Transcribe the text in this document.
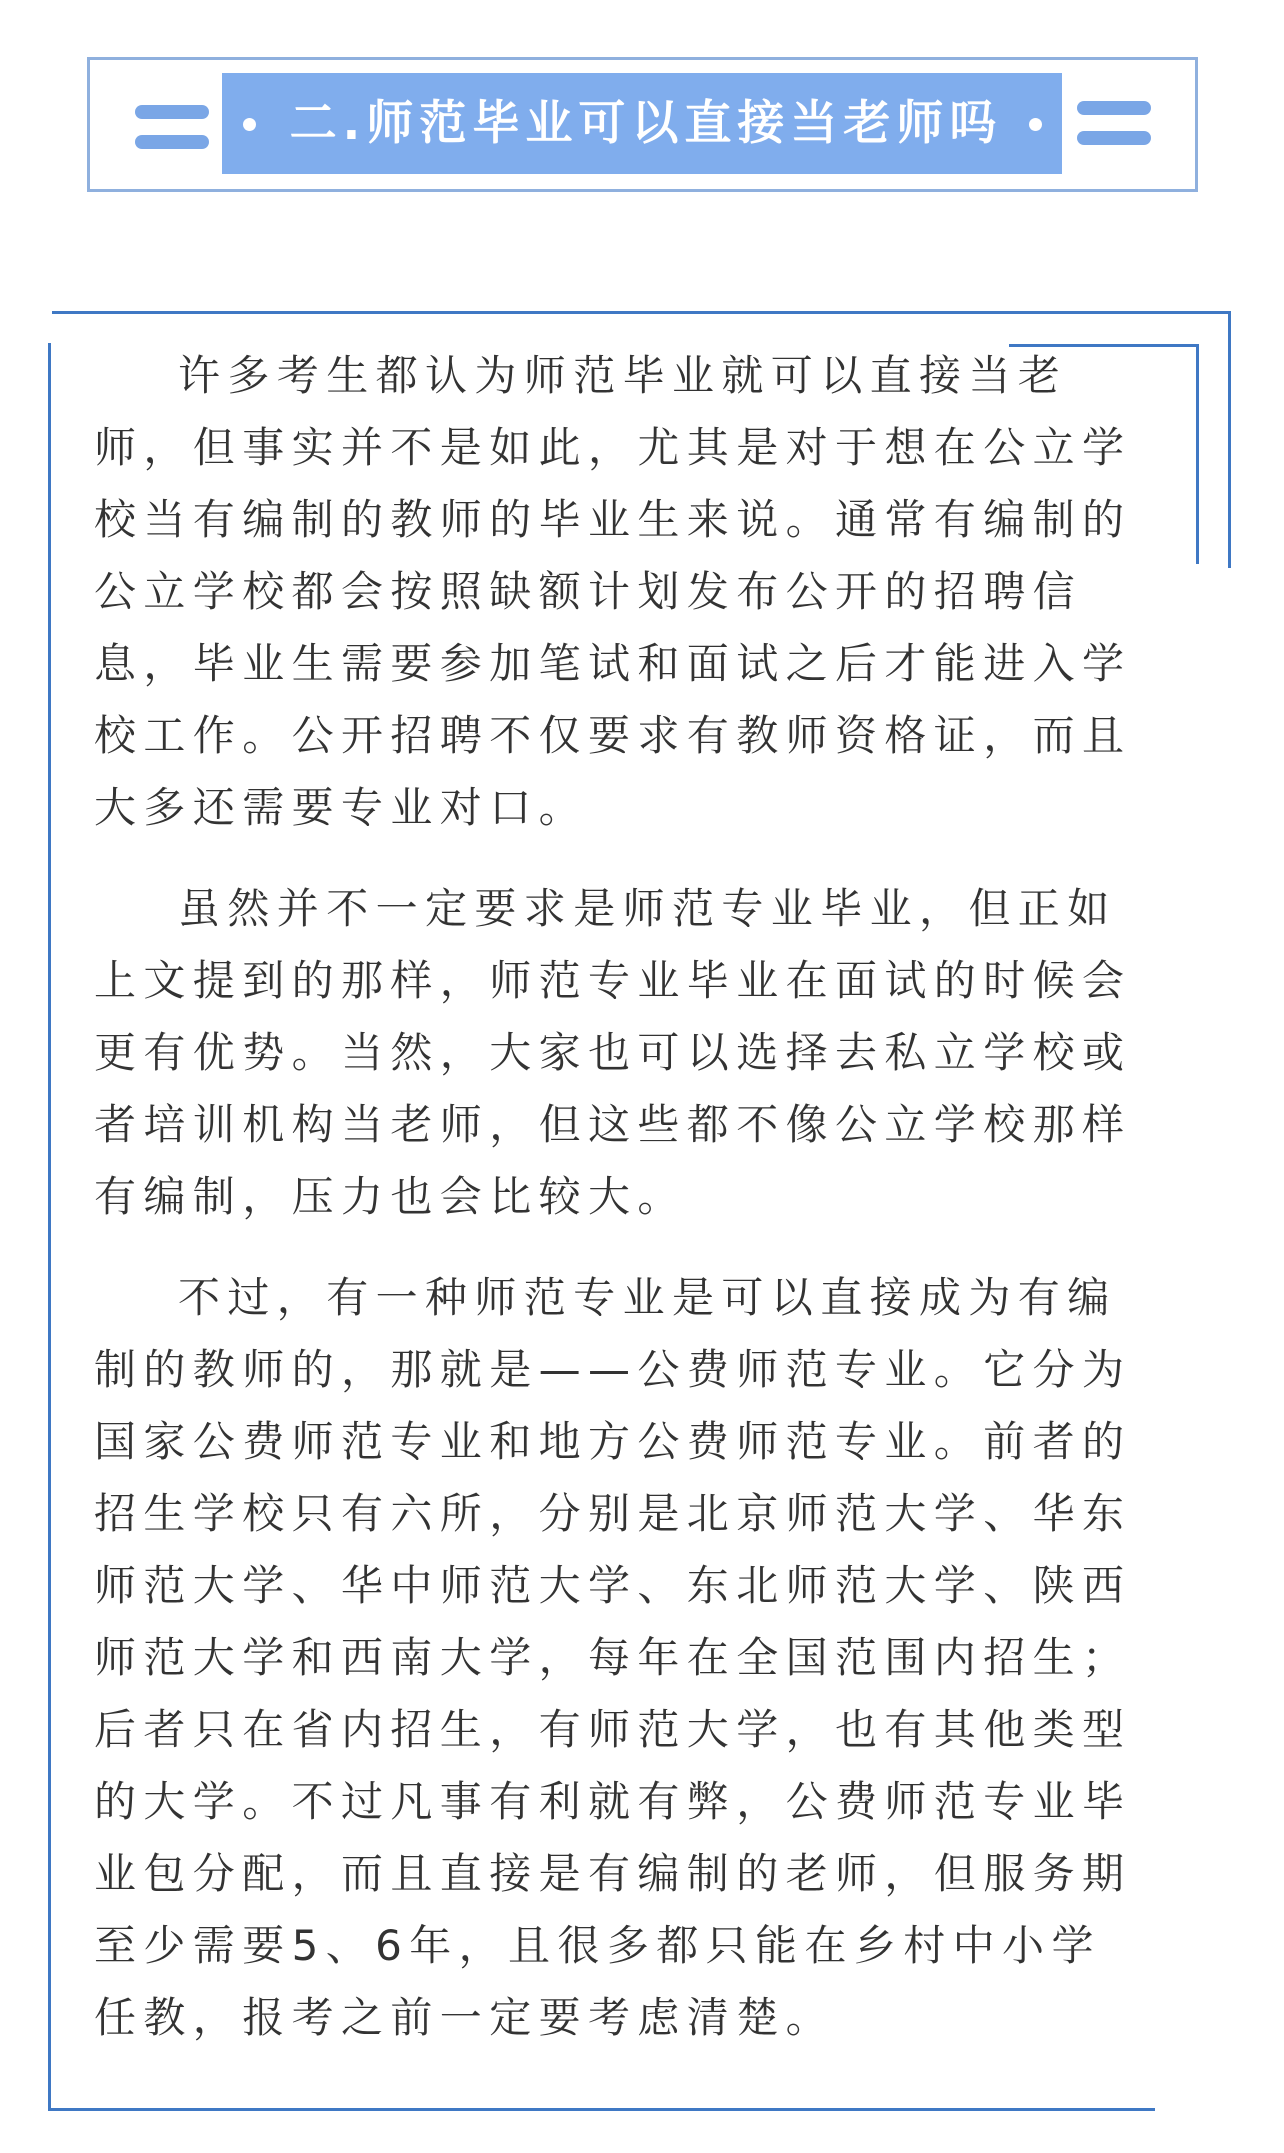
二.师范毕业可以直接当老师吗

许多考生都认为师范毕业就可以直接当老师，但事实并不是如此，尤其是对于想在公立学校当有编制的教师的毕业生来说。通常有编制的公立学校都会按照缺额计划发布公开的招聘信息，毕业生需要参加笔试和面试之后才能进入学校工作。公开招聘不仅要求有教师资格证，而且大多还需要专业对口。

虽然并不一定要求是师范专业毕业，但正如上文提到的那样，师范专业毕业在面试的时候会更有优势。当然，大家也可以选择去私立学校或者培训机构当老师，但这些都不像公立学校那样有编制，压力也会比较大。

不过，有一种师范专业是可以直接成为有编制的教师的，那就是——公费师范专业。它分为国家公费师范专业和地方公费师范专业。前者的招生学校只有六所，分别是北京师范大学、华东师范大学、华中师范大学、东北师范大学、陕西师范大学和西南大学，每年在全国范围内招生；后者只在省内招生，有师范大学，也有其他类型的大学。不过凡事有利就有弊，公费师范专业毕业包分配，而且直接是有编制的老师，但服务期至少需要5、6年，且很多都只能在乡村中小学任教，报考之前一定要考虑清楚。
